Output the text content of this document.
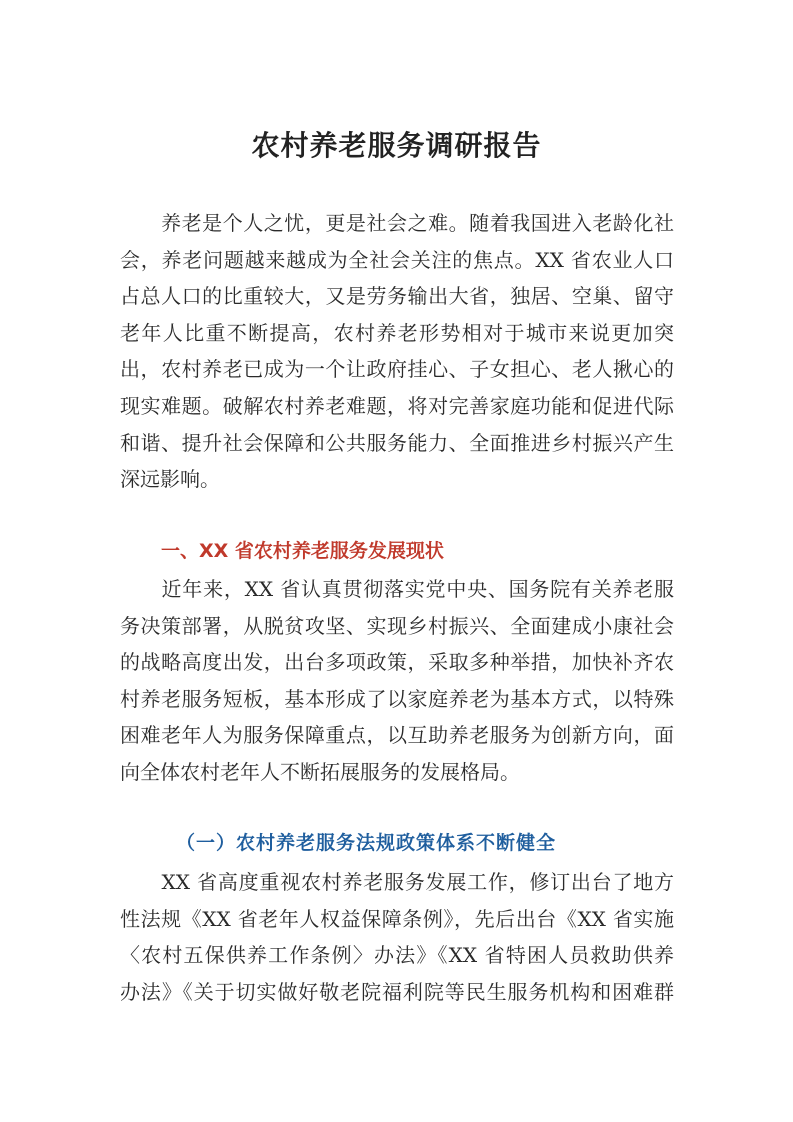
农村养老服务调研报告
　　养老是个人之忧，更是社会之难。随着我国进入老龄化社
会，养老问题越来越成为全社会关注的焦点。XX 省农业人口
占总人口的比重较大，又是劳务输出大省，独居、空巢、留守
老年人比重不断提高，农村养老形势相对于城市来说更加突
出，农村养老已成为一个让政府挂心、子女担心、老人揪心的
现实难题。破解农村养老难题，将对完善家庭功能和促进代际
和谐、提升社会保障和公共服务能力、全面推进乡村振兴产生
深远影响。
一、XX 省农村养老服务发展现状
　　近年来，XX 省认真贯彻落实党中央、国务院有关养老服
务决策部署，从脱贫攻坚、实现乡村振兴、全面建成小康社会
的战略高度出发，出台多项政策，采取多种举措，加快补齐农
村养老服务短板，基本形成了以家庭养老为基本方式，以特殊
困难老年人为服务保障重点，以互助养老服务为创新方向，面
向全体农村老年人不断拓展服务的发展格局。
（一）农村养老服务法规政策体系不断健全
　　XX 省高度重视农村养老服务发展工作，修订出台了地方
性法规《XX 省老年人权益保障条例》，先后出台《XX 省实施
〈农村五保供养工作条例〉办法》《XX 省特困人员救助供养
办法》《关于切实做好敬老院福利院等民生服务机构和困难群
